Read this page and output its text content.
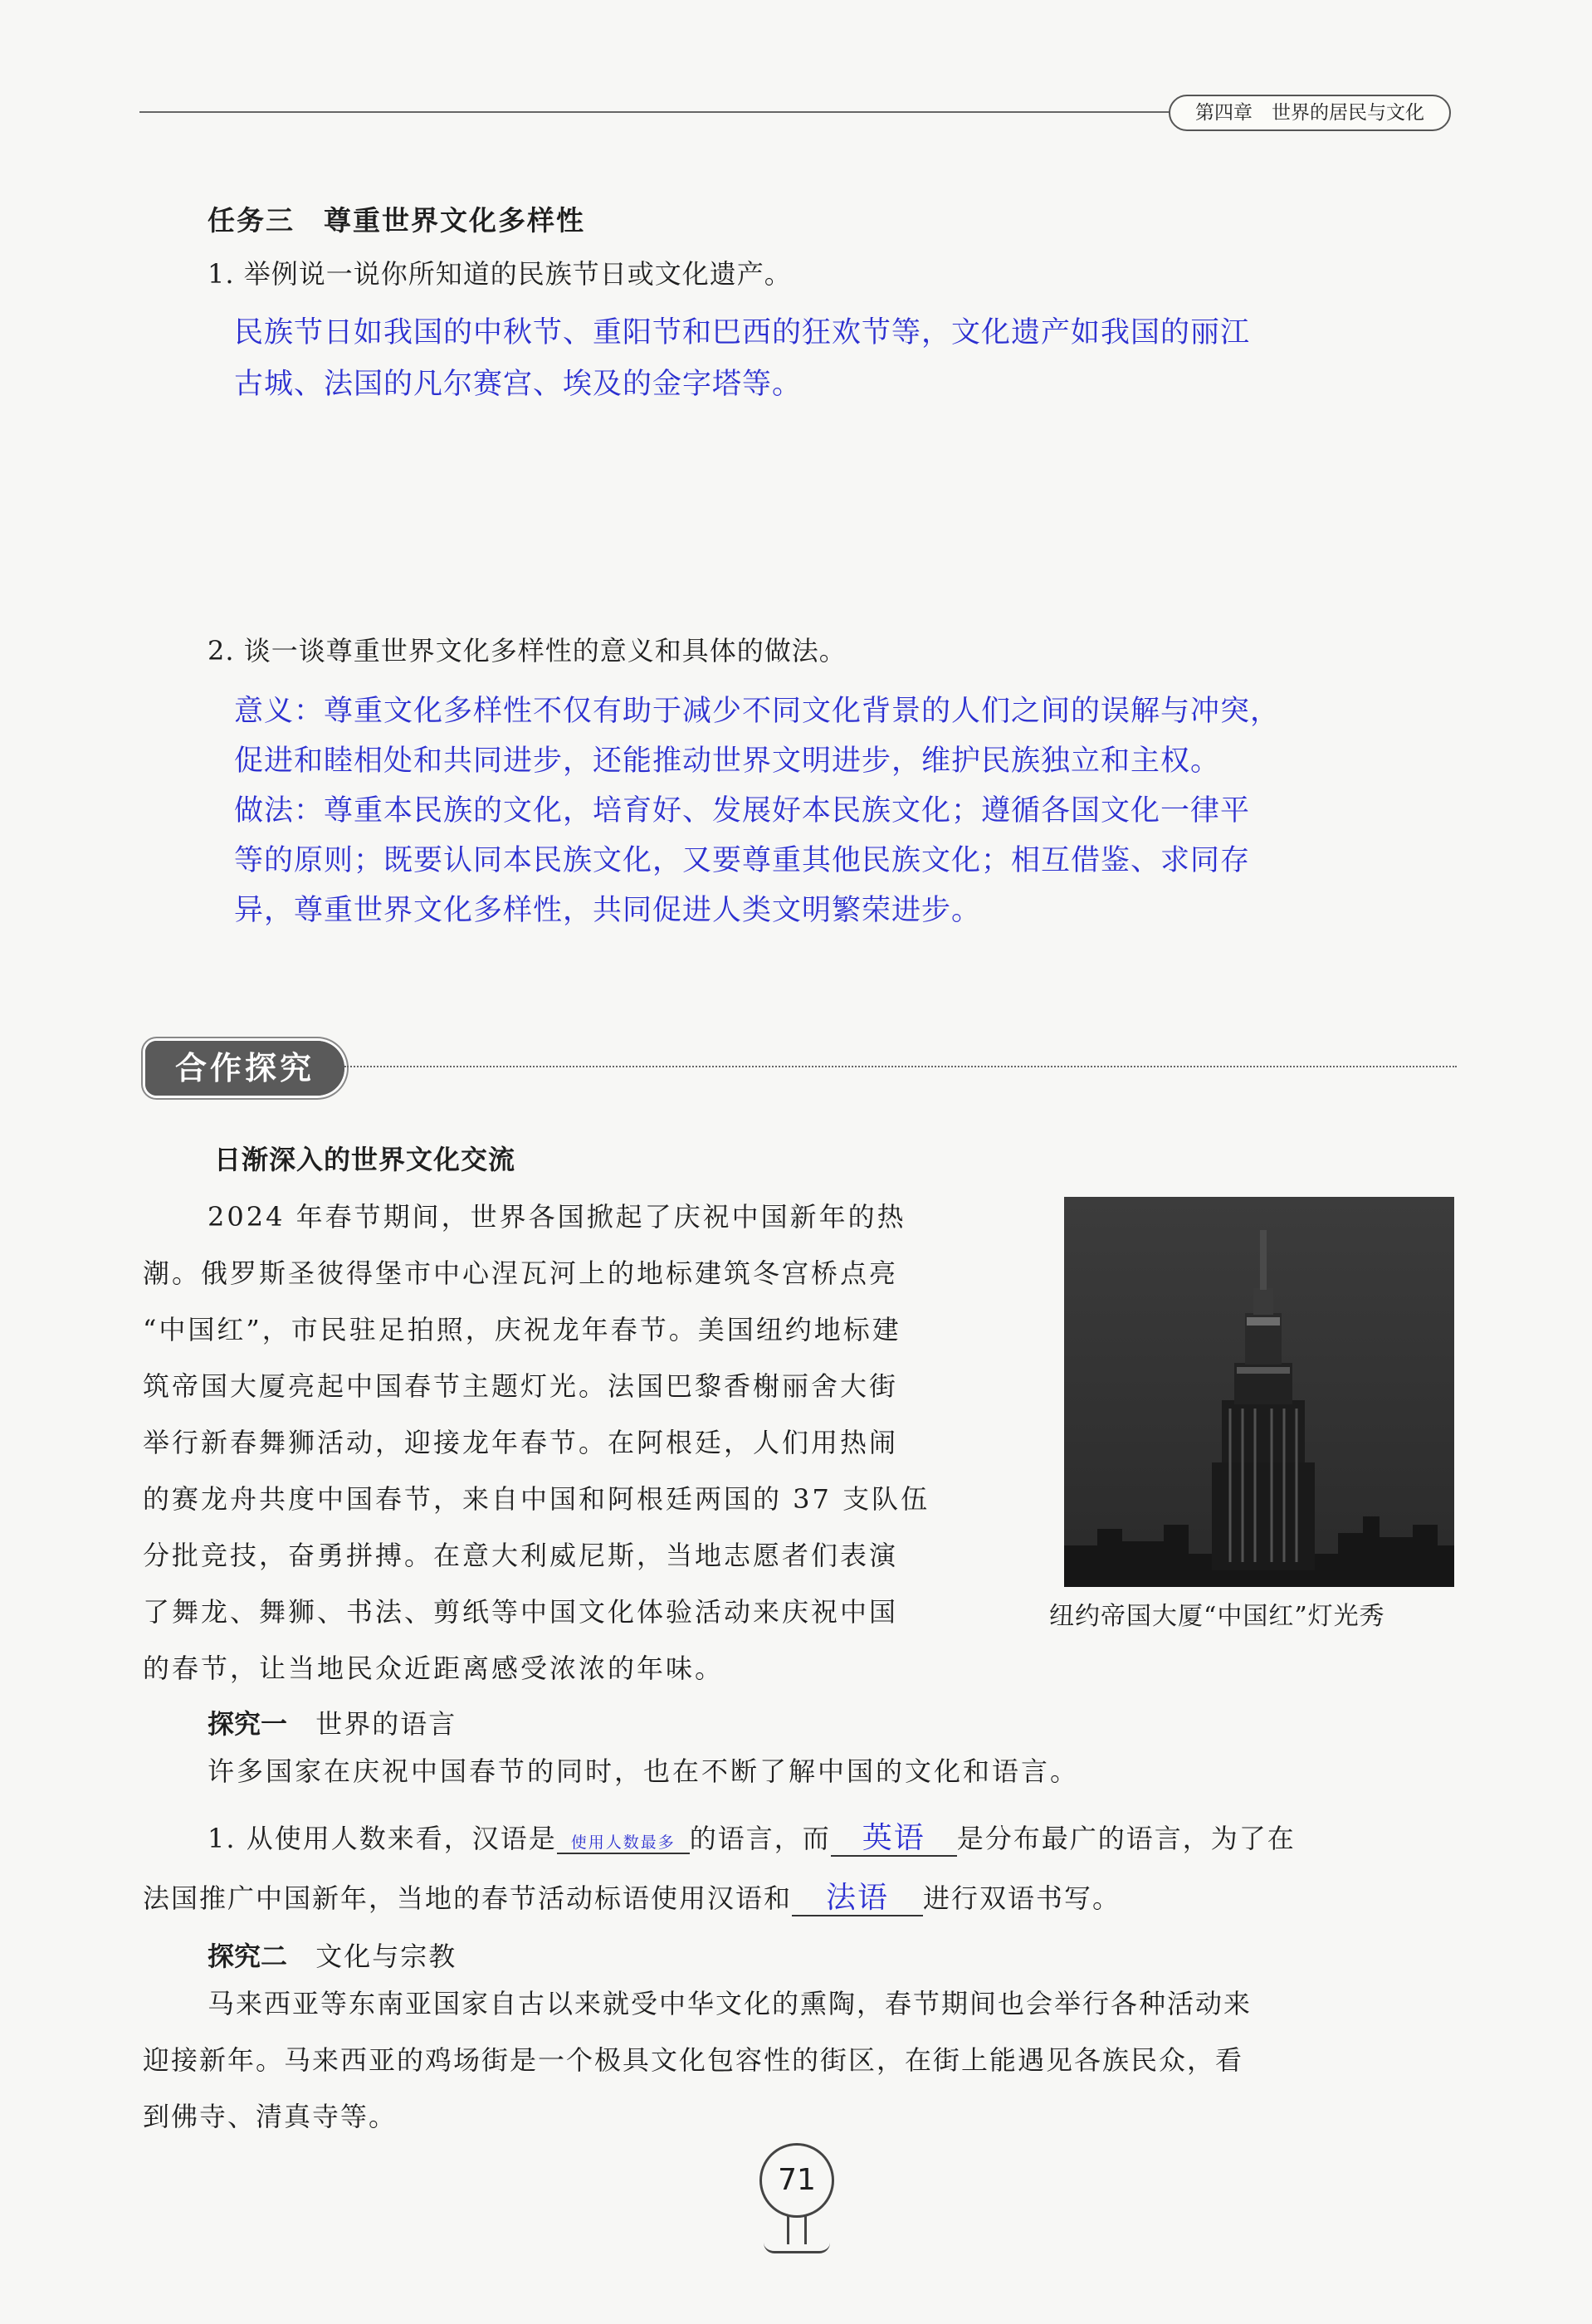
第四章　世界的居民与文化
任务三　尊重世界文化多样性
1. 举例说一说你所知道的民族节日或文化遗产。
民族节日如我国的中秋节、重阳节和巴西的狂欢节等，文化遗产如我国的丽江
古城、法国的凡尔赛宫、埃及的金字塔等。
2. 谈一谈尊重世界文化多样性的意义和具体的做法。
意义：尊重文化多样性不仅有助于减少不同文化背景的人们之间的误解与冲突，
促进和睦相处和共同进步，还能推动世界文明进步，维护民族独立和主权。
做法：尊重本民族的文化，培育好、发展好本民族文化；遵循各国文化一律平
等的原则；既要认同本民族文化，又要尊重其他民族文化；相互借鉴、求同存
异，尊重世界文化多样性，共同促进人类文明繁荣进步。
合作探究
日渐深入的世界文化交流
2024 年春节期间，世界各国掀起了庆祝中国新年的热
潮。俄罗斯圣彼得堡市中心涅瓦河上的地标建筑冬宫桥点亮
“中国红”，市民驻足拍照，庆祝龙年春节。美国纽约地标建
筑帝国大厦亮起中国春节主题灯光。法国巴黎香榭丽舍大街
举行新春舞狮活动，迎接龙年春节。在阿根廷，人们用热闹
的赛龙舟共度中国春节，来自中国和阿根廷两国的 37 支队伍
分批竞技，奋勇拼搏。在意大利威尼斯，当地志愿者们表演
了舞龙、舞狮、书法、剪纸等中国文化体验活动来庆祝中国
的春节，让当地民众近距离感受浓浓的年味。
纽约帝国大厦“中国红”灯光秀
探究一 世界的语言
许多国家在庆祝中国春节的同时，也在不断了解中国的文化和语言。
1. 从使用人数来看，汉语是 使用人数最多 的语言，而 英语 是分布最广的语言，为了在
法国推广中国新年，当地的春节活动标语使用汉语和 法语 进行双语书写。
探究二 文化与宗教
马来西亚等东南亚国家自古以来就受中华文化的熏陶，春节期间也会举行各种活动来
迎接新年。马来西亚的鸡场街是一个极具文化包容性的街区，在街上能遇见各族民众，看
到佛寺、清真寺等。
71
